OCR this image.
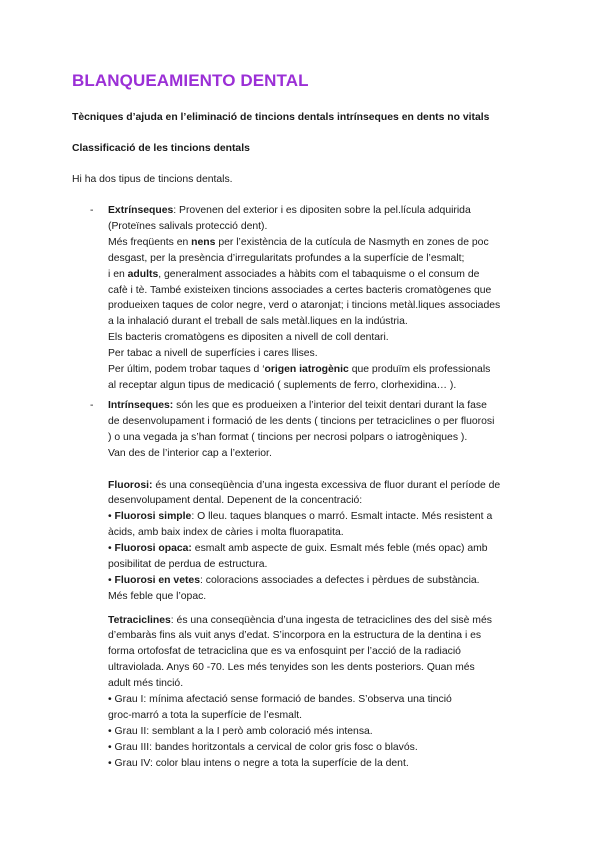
BLANQUEAMIENTO DENTAL

Tècniques d’ajuda en l’eliminació de tincions dentals intrínseques en dents no vitals

Classificació de les tincions dentals

Hi ha dos tipus de tincions dentals.

- Extrínseques: Provenen del exterior i es dipositen sobre la pel.lícula adquirida
(Proteïnes salivals protecció dent).
Més freqüents en nens per l’existència de la cutícula de Nasmyth en zones de poc
desgast, per la presència d’irregularitats profundes a la superfície de l’esmalt;
i en adults, generalment associades a hàbits com el tabaquisme o el consum de
cafè i tè. També existeixen tincions associades a certes bacteris cromatògenes que
produeixen taques de color negre, verd o ataronjat; i tincions metàl.liques associades
a la inhalació durant el treball de sals metàl.liques en la indústria.
Els bacteris cromatògens es dipositen a nivell de coll dentari.
Per tabac a nivell de superfícies i cares llises.
Per últim, podem trobar taques d ‘origen iatrogènic que produïm els professionals
al receptar algun tipus de medicació ( suplements de ferro, clorhexidina… ).
- Intrínseques: són les que es produeixen a l’interior del teixit dentari durant la fase
de desenvolupament i formació de les dents ( tincions per tetraciclines o per fluorosi
) o una vegada ja s’han format ( tincions per necrosi polpars o iatrogèniques ).
Van des de l’interior cap a l’exterior.
Fluorosi: és una conseqüència d’una ingesta excessiva de fluor durant el període de
desenvolupament dental. Depenent de la concentració:
• Fluorosi simple: O lleu. taques blanques o marró. Esmalt intacte. Més resistent a
àcids, amb baix index de càries i molta fluorapatita.
• Fluorosi opaca: esmalt amb aspecte de guix. Esmalt més feble (més opac) amb
posibilitat de perdua de estructura.
• Fluorosi en vetes: coloracions associades a defectes i pèrdues de substància.
Més feble que l’opac.
Tetraciclines: és una conseqüència d’una ingesta de tetraciclines des del sisè més
d’embaràs fins als vuit anys d’edat. S’incorpora en la estructura de la dentina i es
forma ortofosfat de tetraciclina que es va enfosquint per l’acció de la radiació
ultraviolada. Anys 60 -70. Les més tenyides son les dents posteriors. Quan més
adult més tinció.
• Grau I: mínima afectació sense formació de bandes. S’observa una tinció
groc-marró a tota la superfície de l’esmalt.
• Grau II: semblant a la I però amb coloració més intensa.
• Grau III: bandes horitzontals a cervical de color gris fosc o blavós.
• Grau IV: color blau intens o negre a tota la superfície de la dent.
